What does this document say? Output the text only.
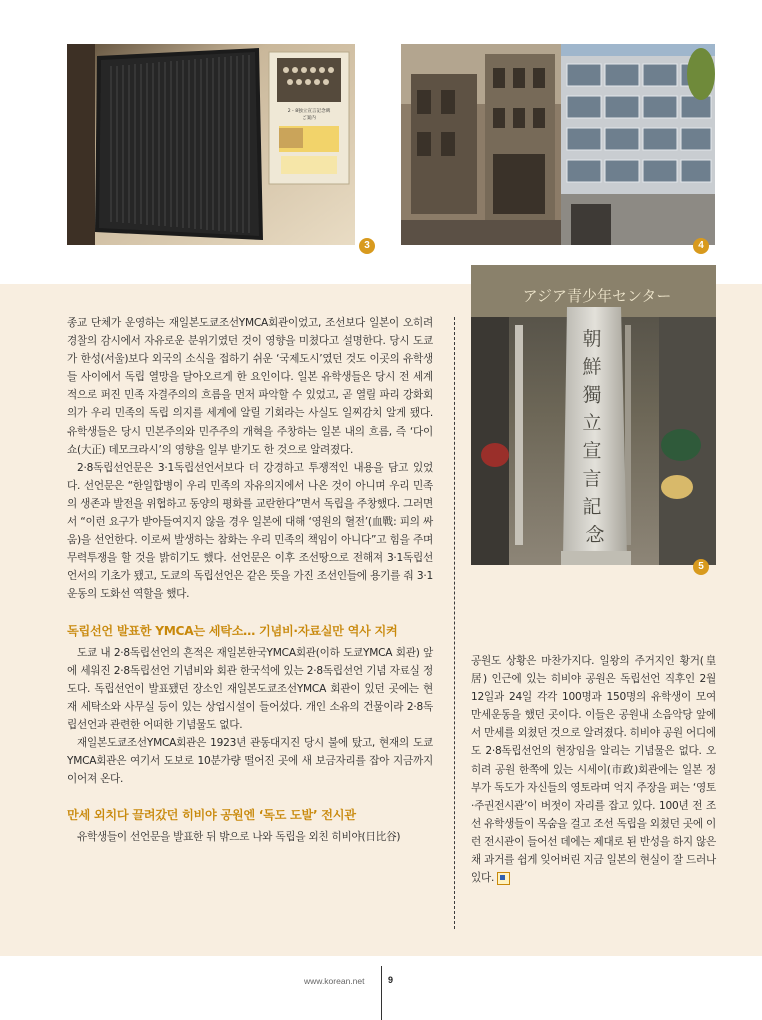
2・8独立宣言記念碑
ご案内
3	4
アジア青少年センター
朝 鮮 獨 立 宣 言 記 念
5

종교 단체가 운영하는 재일본도쿄조선YMCA회관이었고, 조선보다 일본이 오히려 경찰의 감시에서 자유로운 분위기였던 것이 영향을 미쳤다고 설명한다. 당시 도쿄가 한성(서울)보다 외국의 소식을 접하기 쉬운 ‘국제도시’였던 것도 이곳의 유학생들 사이에서 독립 열망을 달아오르게 한 요인이다. 일본 유학생들은 당시 전 세계적으로 퍼진 민족 자결주의의 흐름을 먼저 파악할 수 있었고, 곧 열릴 파리 강화회의가 우리 민족의 독립 의지를 세계에 알릴 기회라는 사실도 일찌감치 알게 됐다. 유학생들은 당시 민본주의와 민주주의 개혁을 주창하는 일본 내의 흐름, 즉 ‘다이쇼(大正) 데모크라시’의 영향을 일부 받기도 한 것으로 알려졌다.

2·8독립선언문은 3·1독립선언서보다 더 강경하고 투쟁적인 내용을 담고 있었다. 선언문은 “한일합병이 우리 민족의 자유의지에서 나온 것이 아니며 우리 민족의 생존과 발전을 위협하고 동양의 평화를 교란한다”면서 독립을 주창했다. 그러면서 “이런 요구가 받아들여지지 않을 경우 일본에 대해 ‘영원의 혈전’(血戰: 피의 싸움)을 선언한다. 이로써 발생하는 참화는 우리 민족의 책임이 아니다”고 힘을 주며 무력투쟁을 할 것을 밝히기도 했다. 선언문은 이후 조선땅으로 전해져 3·1독립선언서의 기초가 됐고, 도쿄의 독립선언은 같은 뜻을 가진 조선인들에 용기를 줘 3·1운동의 도화선 역할을 했다.

독립선언 발표한 YMCA는 세탁소… 기념비·자료실만 역사 지켜

도쿄 내 2·8독립선언의 흔적은 재일본한국YMCA회관(이하 도쿄YMCA 회관) 앞에 세워진 2·8독립선언 기념비와 회관 한국석에 있는 2·8독립선언 기념 자료실 정도다. 독립선언이 발표됐던 장소인 재일본도쿄조선YMCA 회관이 있던 곳에는 현재 세탁소와 사무실 등이 있는 상업시설이 들어섰다. 개인 소유의 건물이라 2·8독립선언과 관련한 어떠한 기념물도 없다.

재일본도쿄조선YMCA회관은 1923년 관동대지진 당시 불에 탔고, 현재의 도쿄YMCA회관은 여기서 도보로 10분가량 떨어진 곳에 새 보금자리를 잡아 지금까지 이어져 온다.

만세 외치다 끌려갔던 히비야 공원엔 ‘독도 도발’ 전시관

유학생들이 선언문을 발표한 뒤 밖으로 나와 독립을 외친 히비야(日比谷)

공원도 상황은 마찬가지다. 일왕의 주거지인 황거(皇居) 인근에 있는 히비야 공원은 독립선언 직후인 2월 12일과 24일 각각 100명과 150명의 유학생이 모여 만세운동을 했던 곳이다. 이들은 공원내 소음악당 앞에서 만세를 외쳤던 것으로 알려졌다. 히비야 공원 어디에도 2·8독립선언의 현장임을 알리는 기념물은 없다. 오히려 공원 한쪽에 있는 시세이(市政)회관에는 일본 정부가 독도가 자신들의 영토라며 억지 주장을 펴는 ‘영토·주권전시관’이 버젓이 자리를 잡고 있다. 100년 전 조선 유학생들이 목숨을 걸고 조선 독립을 외쳤던 곳에 이런 전시관이 들어선 데에는 제대로 된 반성을 하지 않은 채 과거를 쉽게 잊어버린 지금 일본의 현실이 잘 드러나 있다.

www.korean.net	9
